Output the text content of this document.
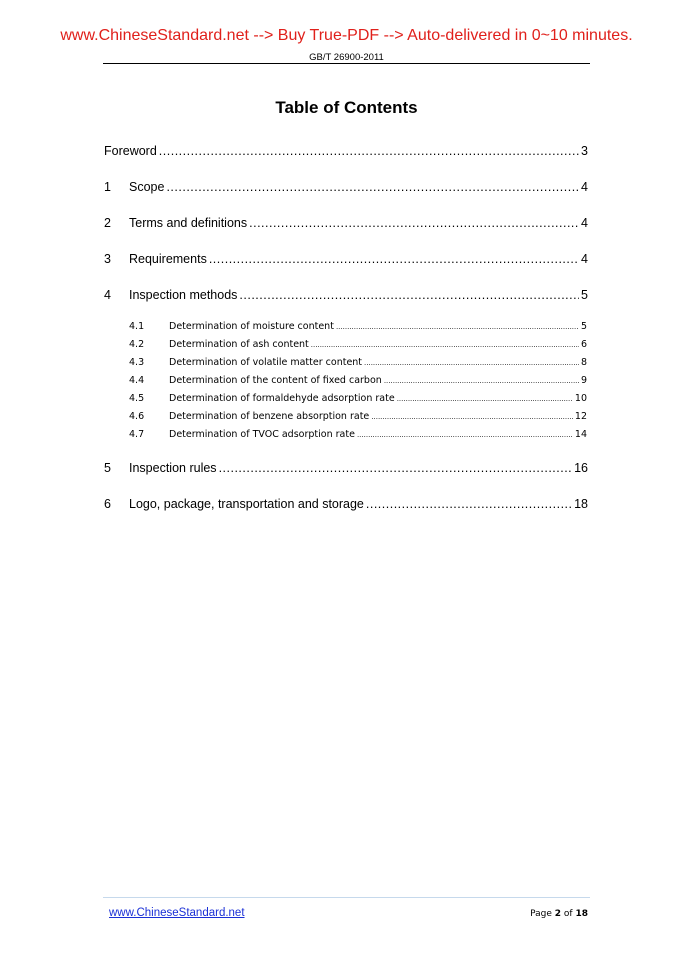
www.ChineseStandard.net --> Buy True-PDF --> Auto-delivered in 0~10 minutes.
GB/T 26900-2011
Table of Contents
Foreword .....	3
1	Scope .....	4
2	Terms and definitions .....	4
3	Requirements .....	4
4	Inspection methods .....	5
4.1	Determination of moisture content .....	5
4.2	Determination of ash content .....	6
4.3	Determination of volatile matter content .....	8
4.4	Determination of the content of fixed carbon .....	9
4.5	Determination of formaldehyde adsorption rate .....	10
4.6	Determination of benzene absorption rate .....	12
4.7	Determination of TVOC adsorption rate .....	14
5	Inspection rules .....	16
6	Logo, package, transportation and storage .....	18
www.ChineseStandard.net	Page 2 of 18
